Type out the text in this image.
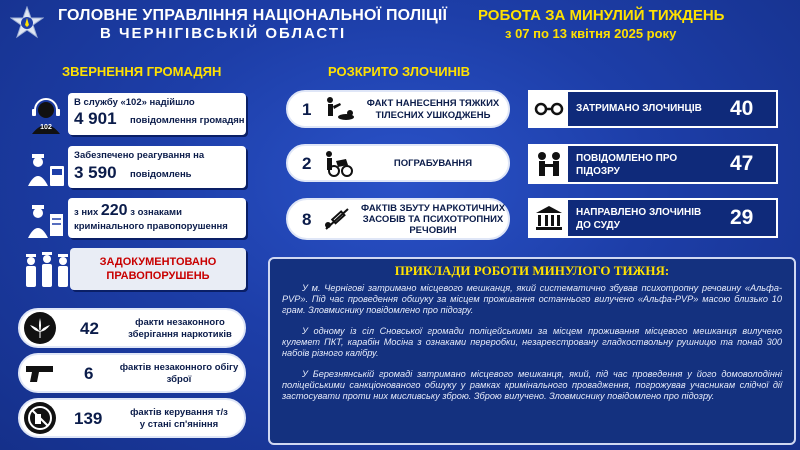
ГОЛОВНЕ УПРАВЛІННЯ НАЦІОНАЛЬНОЇ ПОЛІЦІЇ
В ЧЕРНІГІВСЬКІЙ ОБЛАСТІ
РОБОТА ЗА МИНУЛИЙ ТИЖДЕНЬ
з 07 по 13 квітня 2025 року
ЗВЕРНЕННЯ ГРОМАДЯН
102
В службу «102» надійшло
4 901 повідомлення громадян
Забезпечено реагування на
3 590 повідомлень
з них 220 з ознаками
кримінального правопорушення
ЗАДОКУМЕНТОВАНО
ПРАВОПОРУШЕНЬ
42	факти незаконного
зберігання наркотиків
6	фактів незаконного обігу
зброї
139	фактів керування т/з
у стані сп'яніння
РОЗКРИТО ЗЛОЧИНІВ
1	ФАКТ НАНЕСЕННЯ ТЯЖКИХ
ТІЛЕСНИХ УШКОДЖЕНЬ
2	ПОГРАБУВАННЯ
8
ФАКТІВ ЗБУТУ НАРКОТИЧНИХ
ЗАСОБІВ ТА ПСИХОТРОПНИХ
РЕЧОВИН
ЗАТРИМАНО ЗЛОЧИНЦІВ 40
ПОВІДОМЛЕНО ПРО
ПІДОЗРУ	47
НАПРАВЛЕНО ЗЛОЧИНІВ
ДО СУДУ	29
ПРИКЛАДИ РОБОТИ МИНУЛОГО ТИЖНЯ:
У м. Чернігові затримано місцевого мешканця, який систематично збував психотропну речовину «Альфа-PVP». Під час проведення обшуку за місцем проживання останнього вилучено «Альфа-PVP» масою близько 10 грам. Зловмиснику повідомлено про підозру.
У одному із сіл Сновської громади поліцейськими за місцем проживання місцевого мешканця вилучено кулемет ПКТ, карабін Мосіна з ознаками переробки, незареєстровану гладкоствольну рушницю та понад 300 набоїв різного калібру.
У Березнянській громаді затримано місцевого мешканця, який, під час проведення у його домоволодінні поліцейськими санкціонованого обшуку у рамках кримінального провадження, погрожував учасникам слідчої дії застосувати проти них мисливську зброю. Зброю вилучено. Зловмиснику повідомлено про підозру.
